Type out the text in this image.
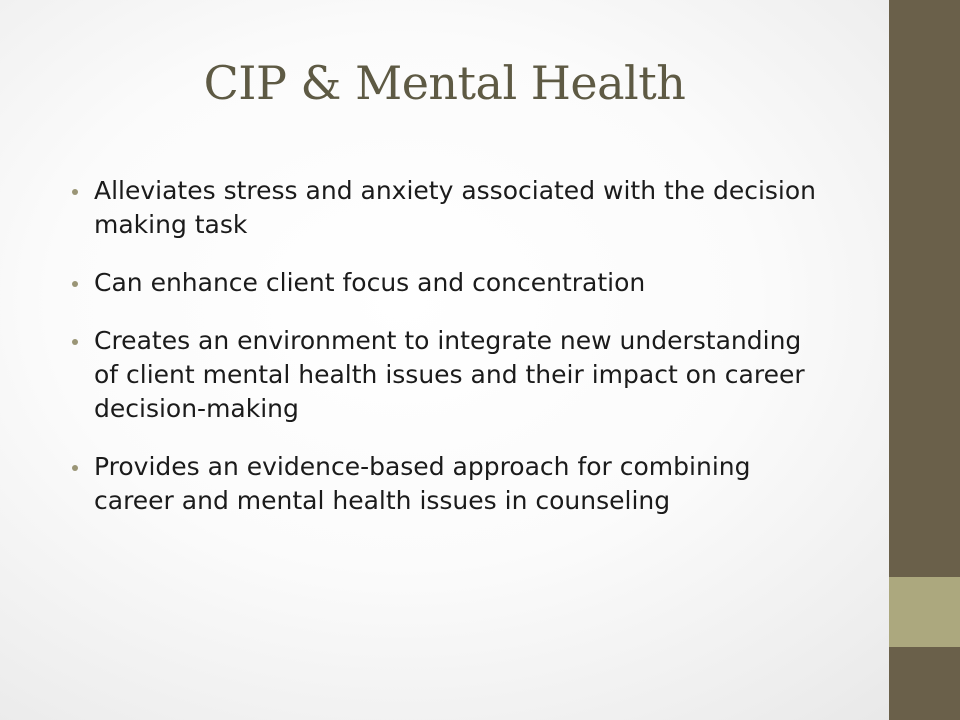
CIP & Mental Health
Alleviates stress and anxiety associated with the decision making task
Can enhance client focus and concentration
Creates an environment to integrate new understanding of client mental health issues and their impact on career decision-making
Provides an evidence-based approach for combining career and mental health issues in counseling
